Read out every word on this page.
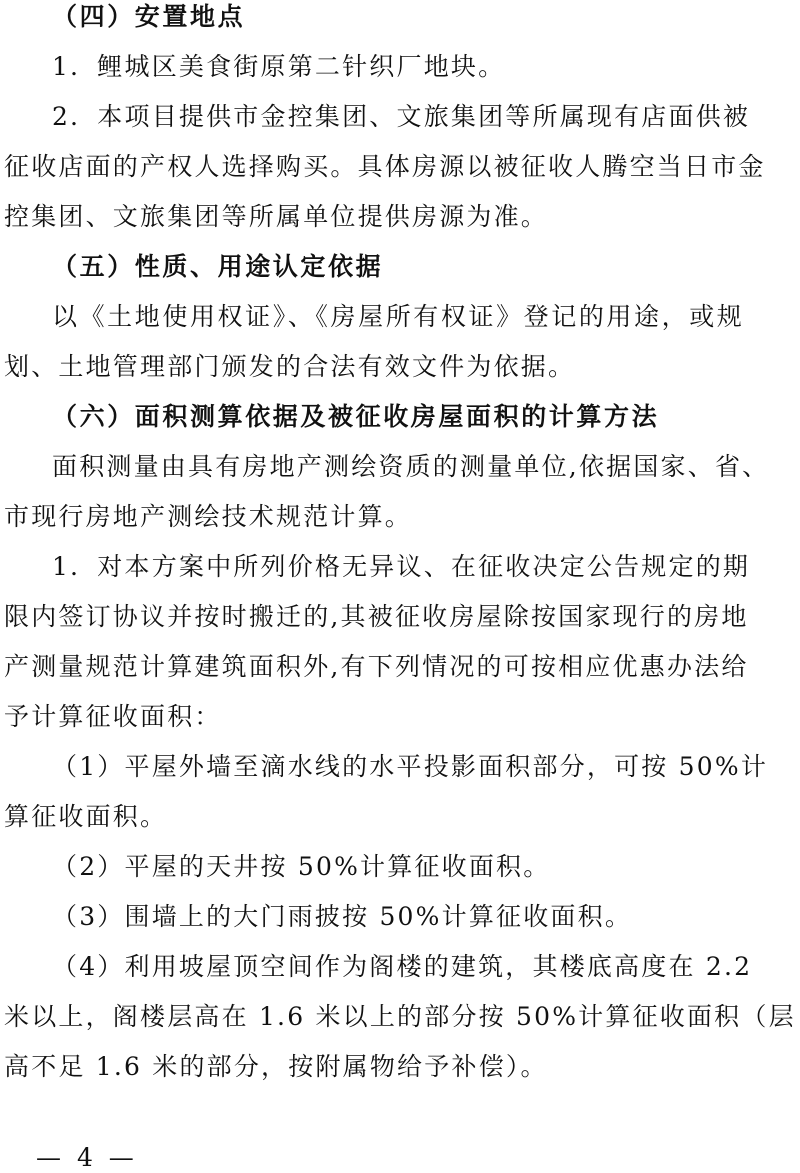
（四）安置地点
1．鲤城区美食街原第二针织厂地块。
2．本项目提供市金控集团、文旅集团等所属现有店面供被
征收店面的产权人选择购买。具体房源以被征收人腾空当日市金
控集团、文旅集团等所属单位提供房源为准。
（五）性质、用途认定依据
以《土地使用权证》、《房屋所有权证》登记的用途，或规
划、土地管理部门颁发的合法有效文件为依据。
（六）面积测算依据及被征收房屋面积的计算方法
面积测量由具有房地产测绘资质的测量单位,依据国家、省、
市现行房地产测绘技术规范计算。
1．对本方案中所列价格无异议、在征收决定公告规定的期
限内签订协议并按时搬迁的,其被征收房屋除按国家现行的房地
产测量规范计算建筑面积外,有下列情况的可按相应优惠办法给
予计算征收面积：
（1）平屋外墙至滴水线的水平投影面积部分，可按 50%计
算征收面积。
（2）平屋的天井按 50%计算征收面积。
（3）围墙上的大门雨披按 50%计算征收面积。
（4）利用坡屋顶空间作为阁楼的建筑，其楼底高度在 2.2
米以上，阁楼层高在 1.6 米以上的部分按 50%计算征收面积（层
高不足 1.6 米的部分，按附属物给予补偿）。
— 4 —
